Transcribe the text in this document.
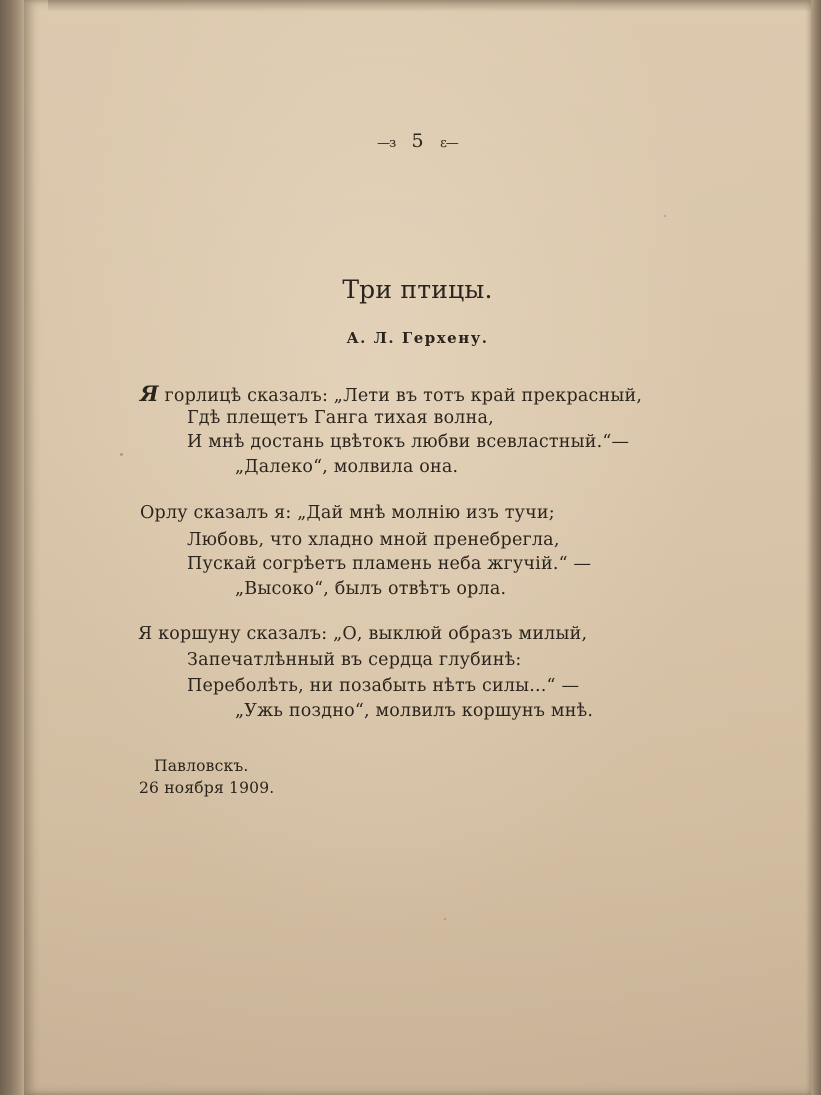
—з 5 ε—
Три птицы.
А. Л. Герхену.
Я горлицѣ сказалъ: „Лети въ тотъ край прекрасный,
Гдѣ плещетъ Ганга тихая волна,
И мнѣ достань цвѣтокъ любви всевластный.“—
„Далеко“, молвила она.
Орлу сказалъ я: „Дай мнѣ молнію изъ тучи;
Любовь, что хладно мной пренебрегла,
Пускай согрѣетъ пламень неба жгучій.“ —
„Высоко“, былъ отвѣтъ орла.
Я коршуну сказалъ: „О, выклюй образъ милый,
Запечатлѣнный въ сердца глубинѣ:
Переболѣть, ни позабыть нѣтъ силы...“ —
„Ужь поздно“, молвилъ коршунъ мнѣ.
Павловскъ.
26 ноября 1909.
